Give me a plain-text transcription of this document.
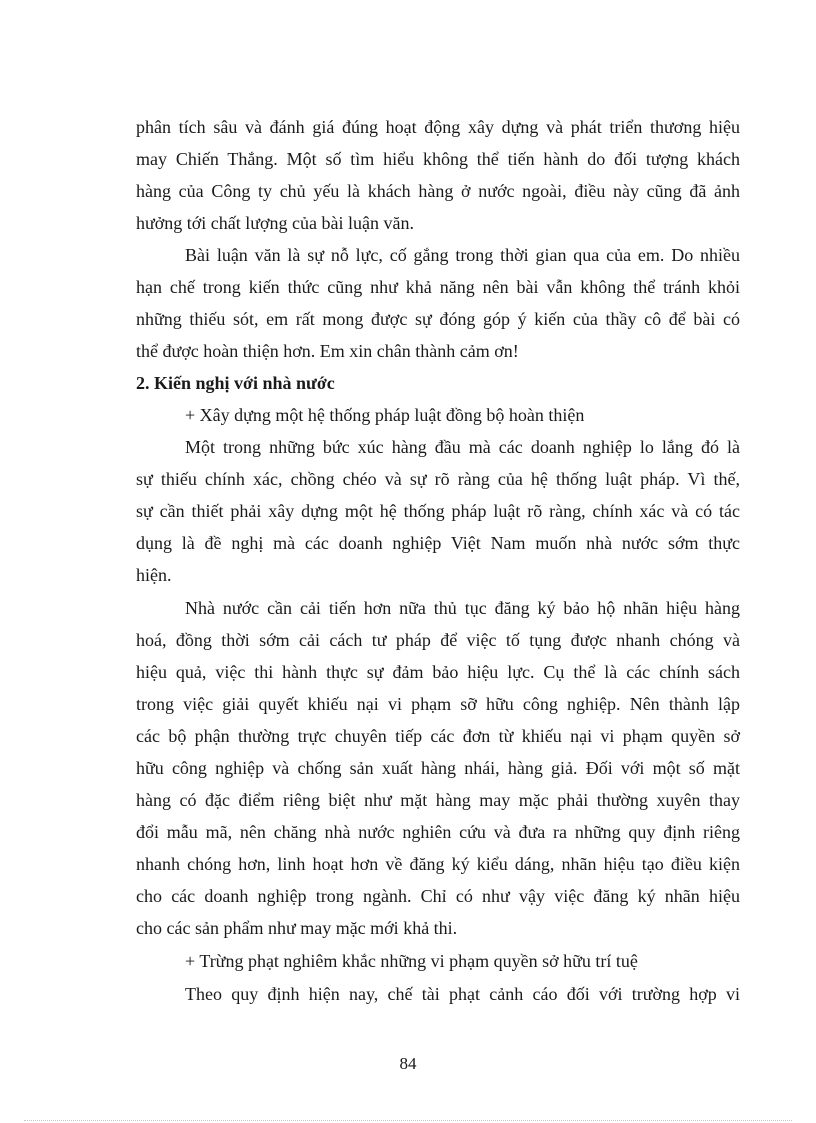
phân tích sâu và đánh giá đúng hoạt động xây dựng và phát triển thương hiệu
may Chiến Thắng. Một số tìm hiểu không thể tiến hành do đối tượng khách
hàng của Công ty chủ yếu là khách hàng ở nước ngoài, điều này cũng đã ảnh
hưởng tới chất lượng của bài luận văn.
Bài luận văn là sự nỗ lực, cố gắng trong thời gian qua của em. Do nhiều
hạn chế trong kiến thức cũng như khả năng nên bài vẫn không thể tránh khỏi
những thiếu sót, em rất mong được sự đóng góp ý kiến của thầy cô để bài có
thể được hoàn thiện hơn. Em xin chân thành cảm ơn!
2. Kiến nghị với nhà nước
+ Xây dựng một hệ thống pháp luật đồng bộ hoàn thiện
Một trong những bức xúc hàng đầu mà các doanh nghiệp lo lắng đó là
sự thiếu chính xác, chồng chéo và sự rõ ràng của hệ thống luật pháp. Vì thế,
sự cần thiết phải xây dựng một hệ thống pháp luật rõ ràng, chính xác và có tác
dụng là đề nghị mà các doanh nghiệp Việt Nam muốn nhà nước sớm thực
hiện.
Nhà nước cần cải tiến hơn nữa thủ tục đăng ký bảo hộ nhãn hiệu hàng
hoá, đồng thời sớm cải cách tư pháp để việc tố tụng được nhanh chóng và
hiệu quả, việc thi hành thực sự đảm bảo hiệu lực. Cụ thể là các chính sách
trong việc giải quyết khiếu nại vi phạm sỡ hữu công nghiệp. Nên thành lập
các bộ phận thường trực chuyên tiếp các đơn từ khiếu nại vi phạm quyền sở
hữu công nghiệp và chống sản xuất hàng nhái, hàng giả. Đối với một số mặt
hàng có đặc điểm riêng biệt như mặt hàng may mặc phải thường xuyên thay
đổi mẫu mã, nên chăng nhà nước nghiên cứu và đưa ra những quy định riêng
nhanh chóng hơn, linh hoạt hơn về đăng ký kiểu dáng, nhãn hiệu tạo điều kiện
cho các doanh nghiệp trong ngành. Chỉ có như vậy việc đăng ký nhãn hiệu
cho các sản phẩm như may mặc mới khả thi.
+ Trừng phạt nghiêm khắc những vi phạm quyền sở hữu trí tuệ
Theo quy định hiện nay, chế tài phạt cảnh cáo đối với trường hợp vi
84
